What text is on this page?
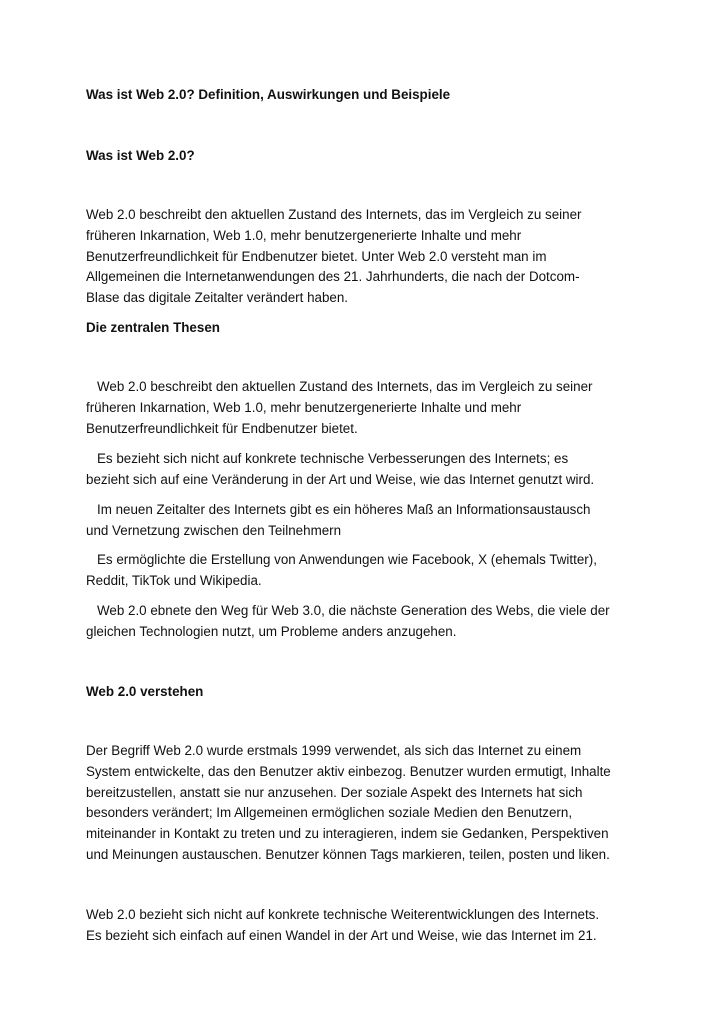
Was ist Web 2.0? Definition, Auswirkungen und Beispiele
Was ist Web 2.0?
Web 2.0 beschreibt den aktuellen Zustand des Internets, das im Vergleich zu seiner
früheren Inkarnation, Web 1.0, mehr benutzergenerierte Inhalte und mehr
Benutzerfreundlichkeit für Endbenutzer bietet. Unter Web 2.0 versteht man im
Allgemeinen die Internetanwendungen des 21. Jahrhunderts, die nach der Dotcom-
Blase das digitale Zeitalter verändert haben.
Die zentralen Thesen
Web 2.0 beschreibt den aktuellen Zustand des Internets, das im Vergleich zu seiner
früheren Inkarnation, Web 1.0, mehr benutzergenerierte Inhalte und mehr
Benutzerfreundlichkeit für Endbenutzer bietet.
Es bezieht sich nicht auf konkrete technische Verbesserungen des Internets; es
bezieht sich auf eine Veränderung in der Art und Weise, wie das Internet genutzt wird.
Im neuen Zeitalter des Internets gibt es ein höheres Maß an Informationsaustausch
und Vernetzung zwischen den Teilnehmern
Es ermöglichte die Erstellung von Anwendungen wie Facebook, X (ehemals Twitter),
Reddit, TikTok und Wikipedia.
Web 2.0 ebnete den Weg für Web 3.0, die nächste Generation des Webs, die viele der
gleichen Technologien nutzt, um Probleme anders anzugehen.
Web 2.0 verstehen
Der Begriff Web 2.0 wurde erstmals 1999 verwendet, als sich das Internet zu einem
System entwickelte, das den Benutzer aktiv einbezog. Benutzer wurden ermutigt, Inhalte
bereitzustellen, anstatt sie nur anzusehen. Der soziale Aspekt des Internets hat sich
besonders verändert; Im Allgemeinen ermöglichen soziale Medien den Benutzern,
miteinander in Kontakt zu treten und zu interagieren, indem sie Gedanken, Perspektiven
und Meinungen austauschen. Benutzer können Tags markieren, teilen, posten und liken.
Web 2.0 bezieht sich nicht auf konkrete technische Weiterentwicklungen des Internets.
Es bezieht sich einfach auf einen Wandel in der Art und Weise, wie das Internet im 21.
